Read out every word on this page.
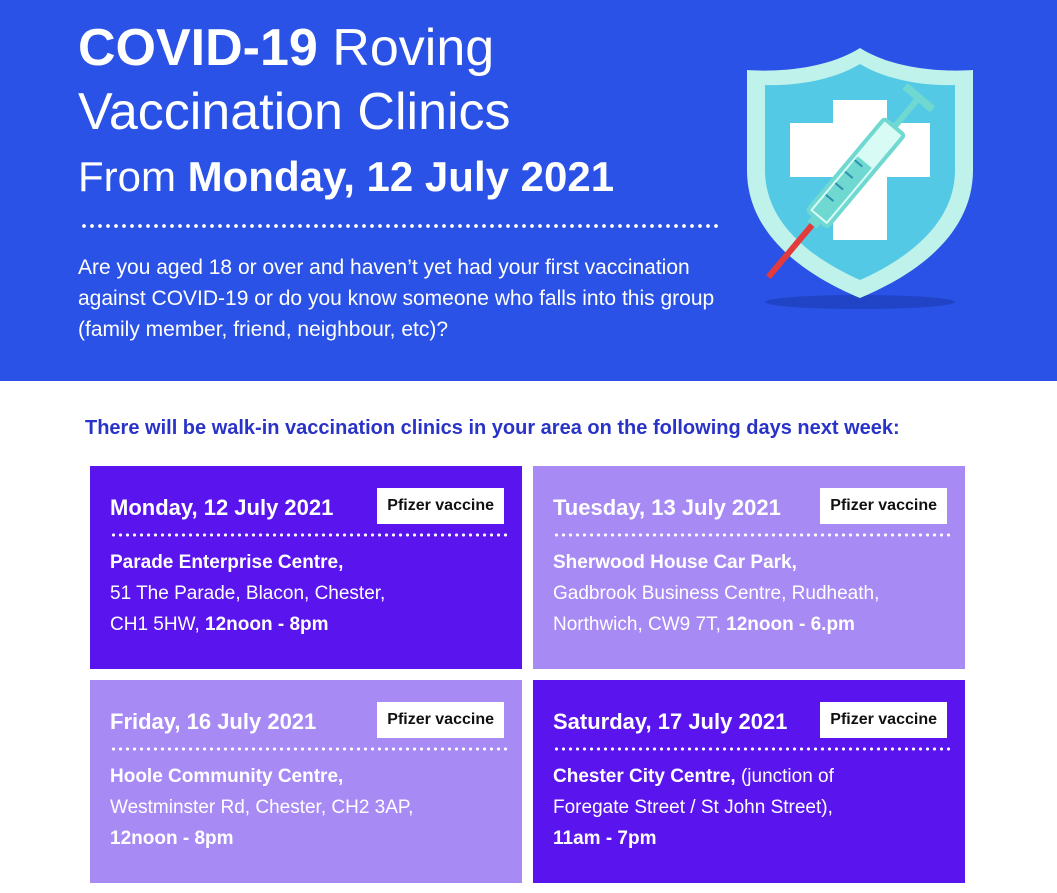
COVID-19 Roving
Vaccination Clinics
From Monday, 12 July 2021
Are you aged 18 or over and haven’t yet had your first vaccination against COVID-19 or do you know someone who falls into this group (family member, friend, neighbour, etc)?
There will be walk-in vaccination clinics in your area on the following days next week:
Monday, 12 July 2021	Pfizer vaccine
Parade Enterprise Centre,
51 The Parade, Blacon, Chester,
CH1 5HW, 12noon - 8pm
Tuesday, 13 July 2021	Pfizer vaccine
Sherwood House Car Park,
Gadbrook Business Centre, Rudheath,
Northwich, CW9 7T, 12noon - 6.pm
Friday, 16 July 2021	Pfizer vaccine
Hoole Community Centre,
Westminster Rd, Chester, CH2 3AP,
12noon - 8pm
Saturday, 17 July 2021	Pfizer vaccine
Chester City Centre, (junction of
Foregate Street / St John Street),
11am - 7pm
